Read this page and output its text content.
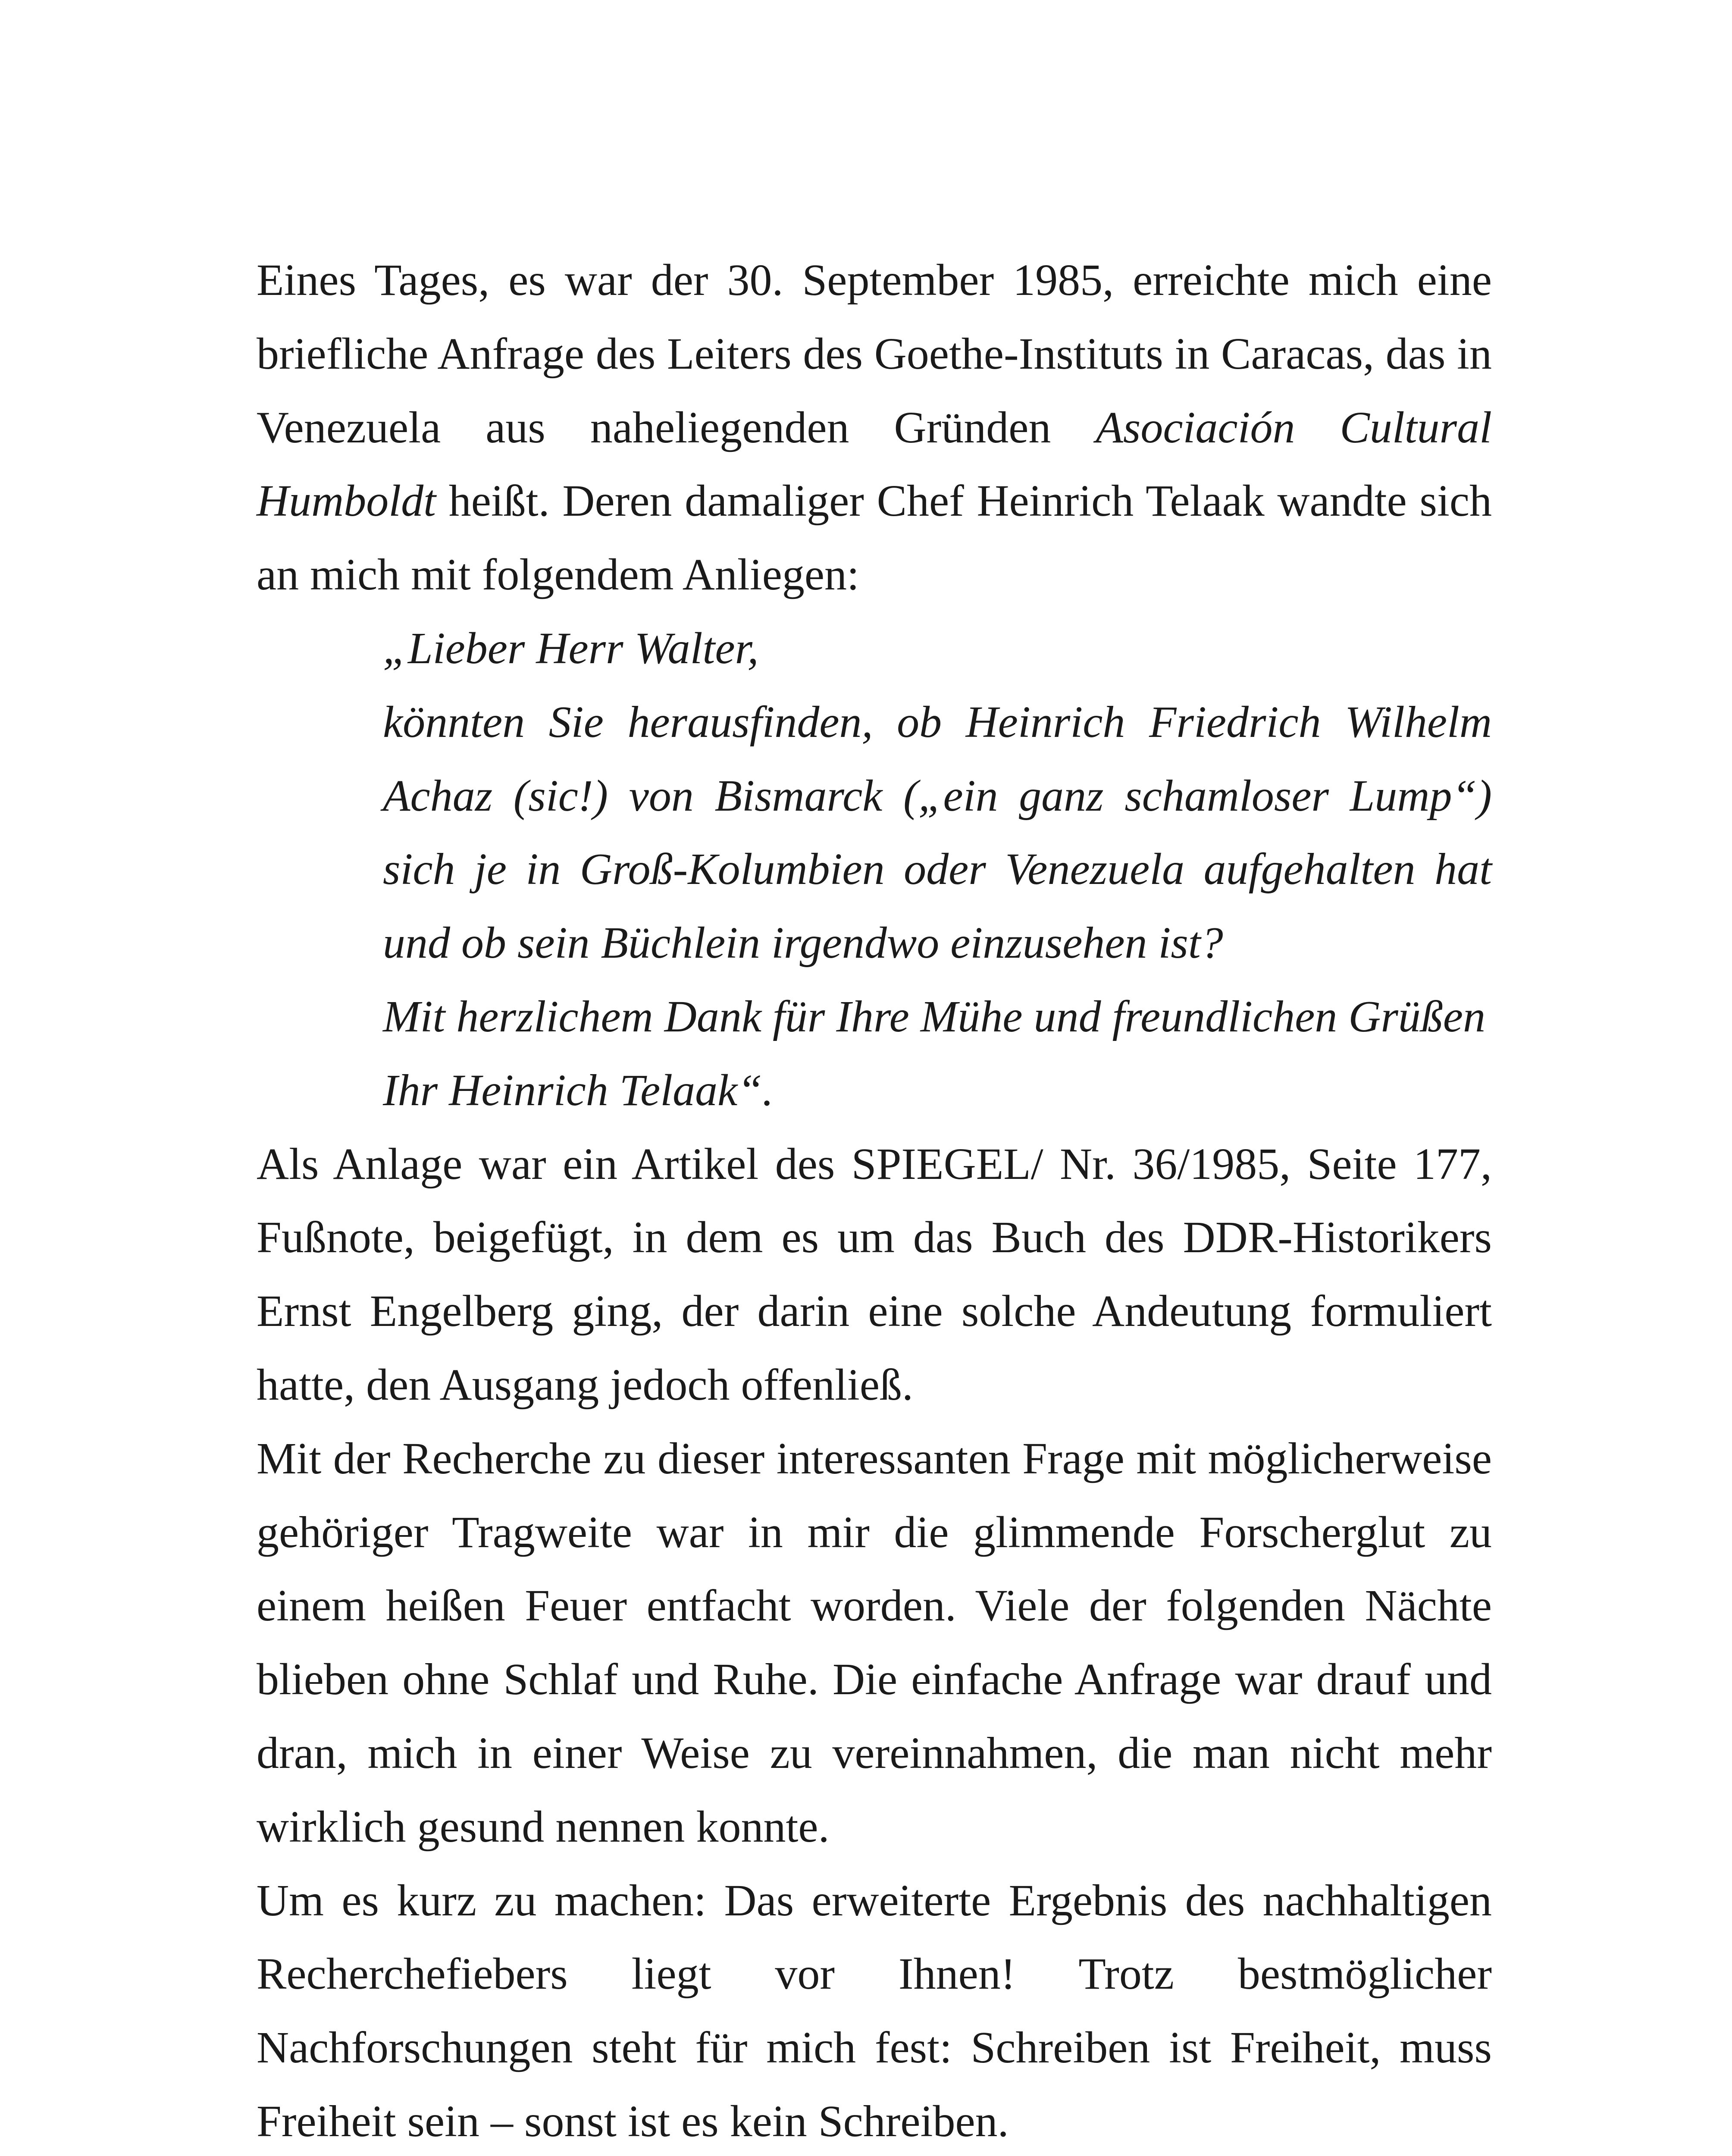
Eines Tages, es war der 30. September 1985, erreichte mich eine briefliche Anfrage des Leiters des Goethe-Instituts in Caracas, das in Venezuela aus naheliegenden Gründen Asociación Cultural Humboldt heißt. Deren damaliger Chef Heinrich Telaak wandte sich an mich mit folgendem Anliegen:

„Lieber Herr Walter,
könnten Sie herausfinden, ob Heinrich Friedrich Wilhelm Achaz (sic!) von Bismarck („ein ganz schamloser Lump“) sich je in Groß-Kolumbien oder Venezuela aufgehalten hat und ob sein Büchlein irgendwo einzusehen ist?
Mit herzlichem Dank für Ihre Mühe und freundlichen Grüßen
Ihr Heinrich Telaak“.

Als Anlage war ein Artikel des SPIEGEL/ Nr. 36/1985, Seite 177, Fußnote, beigefügt, in dem es um das Buch des DDR-Historikers Ernst Engelberg ging, der darin eine solche Andeutung formuliert hatte, den Ausgang jedoch offenließ.

Mit der Recherche zu dieser interessanten Frage mit möglicherweise gehöriger Tragweite war in mir die glimmende Forscherglut zu einem heißen Feuer entfacht worden. Viele der folgenden Nächte blieben ohne Schlaf und Ruhe. Die einfache Anfrage war drauf und dran, mich in einer Weise zu vereinnahmen, die man nicht mehr wirklich gesund nennen konnte.

Um es kurz zu machen: Das erweiterte Ergebnis des nachhaltigen Recherchefiebers liegt vor Ihnen! Trotz bestmöglicher Nachforschungen steht für mich fest: Schreiben ist Freiheit, muss Freiheit sein – sonst ist es kein Schreiben.
